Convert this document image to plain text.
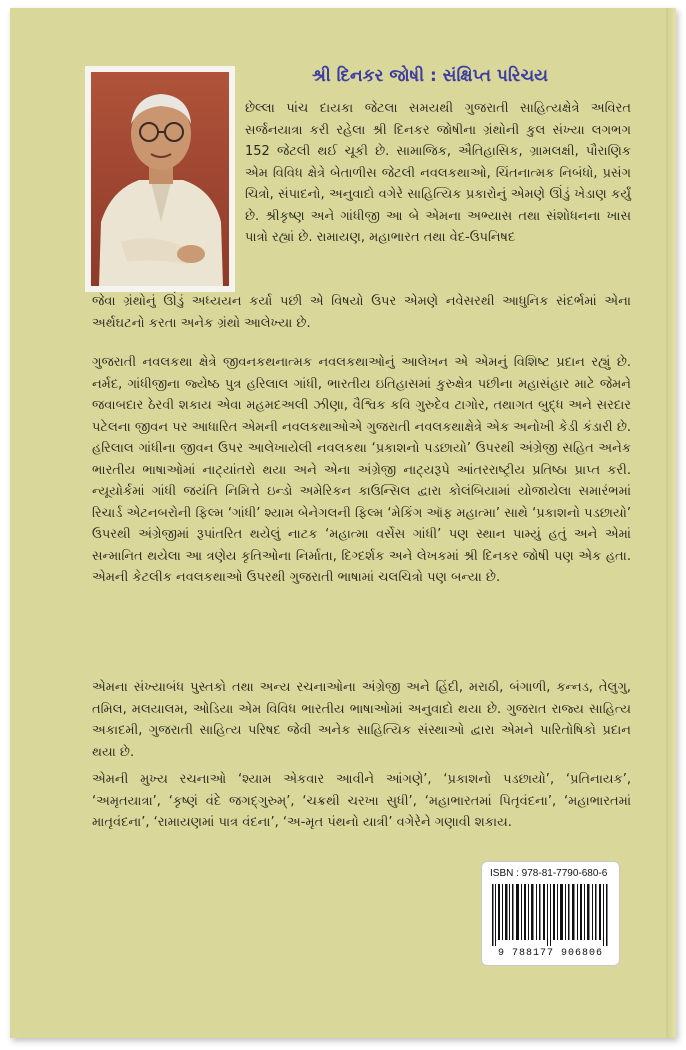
શ્રી દિનકર જોષી : સંક્ષિપ્ત પરિચય

છેલ્લા પાંચ દાયકા જેટલા સમયથી ગુજરાતી સાહિત્યક્ષેત્રે અવિરત સર્જનયાત્રા કરી રહેલા શ્રી દિનકર જોષીના ગ્રંથોની કુલ સંખ્યા લગભગ 152 જેટલી થઈ ચૂકી છે. સામાજિક, ઐતિહાસિક, ગ્રામલક્ષી, પૌરાણિક એમ વિવિધ ક્ષેત્રે બેતાળીસ જેટલી નવલકથાઓ, ચિંતનાત્મક નિબંધો, પ્રસંગ ચિત્રો, સંપાદનો, અનુવાદો વગેરે સાહિત્યિક પ્રકારોનું એમણે ઊંડું ખેડાણ કર્યું છે. શ્રીકૃષ્ણ અને ગાંધીજી આ બે એમના અભ્યાસ તથા સંશોધનના ખાસ પાત્રો રહ્યાં છે. રામાયણ, મહાભારત તથા વેદ-ઉપનિષદ

જેવા ગ્રંથોનું ઊંડું અધ્યયન કર્યા પછી એ વિષયો ઉપર એમણે નવેસરથી આધુનિક સંદર્ભમાં એના અર્થઘટનો કરતા અનેક ગ્રંથો આલેખ્યા છે.

ગુજરાતી નવલકથા ક્ષેત્રે જીવનકથનાત્મક નવલકથાઓનું આલેખન એ એમનું વિશિષ્ટ પ્રદાન રહ્યું છે. નર્મદ, ગાંધીજીના જ્યેષ્ઠ પુત્ર હરિલાલ ગાંધી, ભારતીય ઇતિહાસમાં કુરુક્ષેત્ર પછીના મહાસંહાર માટે જેમને જવાબદાર ઠેરવી શકાય એવા મહમદઅલી ઝીણા, વૈશ્વિક કવિ ગુરુદેવ ટાગોર, તથાગત બુદ્ધ અને સરદાર પટેલના જીવન પર આધારિત એમની નવલકથાઓએ ગુજરાતી નવલકથાક્ષેત્રે એક અનોખી કેડી કંડારી છે. હરિલાલ ગાંધીના જીવન ઉપર આલેખાયેલી નવલકથા ‘પ્રકાશનો પડછાયો’ ઉપરથી અંગ્રેજી સહિત અનેક ભારતીય ભાષાઓમાં નાટ્યાંતરો થયા અને એના અંગ્રેજી નાટ્યરૂપે આંતરરાષ્ટ્રીય પ્રતિષ્ઠા પ્રાપ્ત કરી. ન્યૂયોર્કમાં ગાંધી જયંતિ નિમિત્તે ઇન્ડો અમેરિકન કાઉન્સિલ દ્વારા કોલંબિયામાં યોજાયેલા સમારંભમાં રિચાર્ડ એટનબરોની ફિલ્મ ‘ગાંધી’ શ્યામ બેનેગલની ફિલ્મ ‘મેકિંગ ઑફ મહાત્મા’ સાથે ‘પ્રકાશનો પડછાયો’ ઉપરથી અંગ્રેજીમાં રૂપાંતરિત થયેલું નાટક ‘મહાત્મા વર્સેસ ગાંધી’ પણ સ્થાન પામ્યું હતું અને એમાં સન્માનિત થયેલા આ ત્રણેય કૃતિઓના નિર્માતા, દિગ્દર્શક અને લેખકમાં શ્રી દિનકર જોષી પણ એક હતા. એમની કેટલીક નવલકથાઓ ઉપરથી ગુજરાતી ભાષામાં ચલચિત્રો પણ બન્યા છે.

એમના સંખ્યાબંધ પુસ્તકો તથા અન્ય રચનાઓના અંગ્રેજી અને હિંદી, મરાઠી, બંગાળી, કન્નડ, તેલુગુ, તમિલ, મલયાલમ, ઓડિયા એમ વિવિધ ભારતીય ભાષાઓમાં અનુવાદો થયા છે. ગુજરાત રાજ્ય સાહિત્ય અકાદમી, ગુજરાતી સાહિત્ય પરિષદ જેવી અનેક સાહિત્યિક સંસ્થાઓ દ્વારા એમને પારિતોષિકો પ્રદાન થયા છે.

એમની મુખ્ય રચનાઓ ‘શ્યામ એકવાર આવીને આંગણે’, ‘પ્રકાશનો પડછાયો’, ‘પ્રતિનાયક’, ‘અમૃતયાત્રા’, ‘કૃષ્ણં વંદે જગદ્ગુરુમ્’, ‘ચક્રથી ચરખા સુધી’, ‘મહાભારતમાં પિતૃવંદના’, ‘મહાભારતમાં માતૃવંદના’, ‘રામાયણમાં પાત્ર વંદના’, ‘અ-મૃત પંથનો યાત્રી’ વગેરેને ગણાવી શકાય.

ISBN : 978-81-7790-680-6
9 788177 906806
